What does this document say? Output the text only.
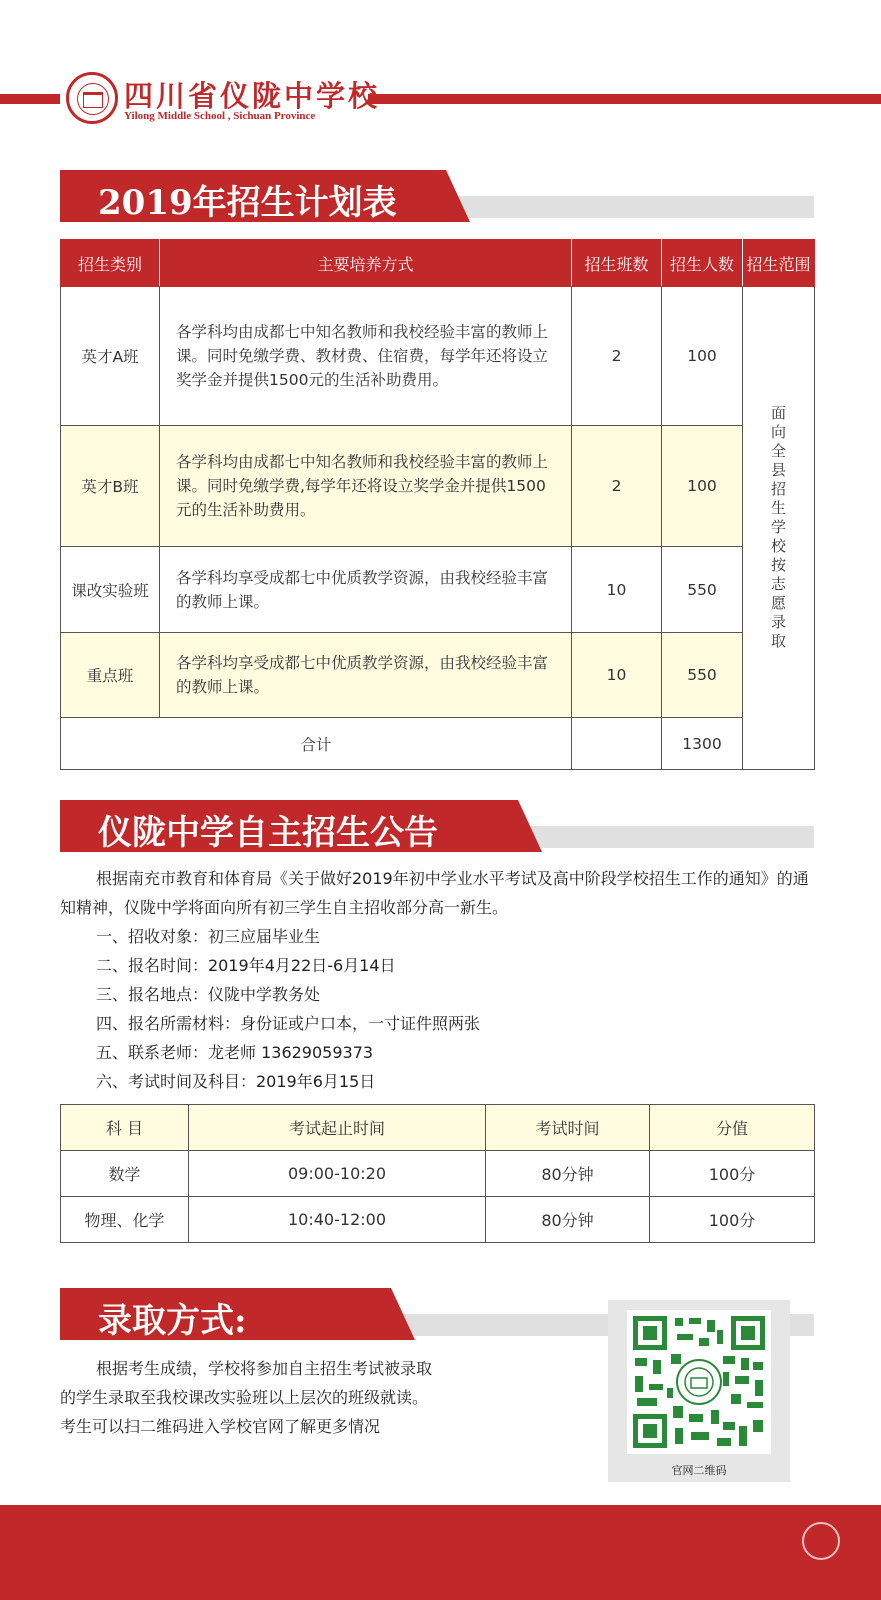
四川省仪陇中学校
Yilong Middle School , Sichuan Province
2019年招生计划表
招生类别	主要培养方式	招生班数	招生人数	招生范围
英才A班	各学科均由成都七中知名教师和我校经验丰富的教师上课。同时免缴学费、教材费、住宿费，每学年还将设立奖学金并提供1500元的生活补助费用。	2	100	面向全县招生学校按志愿录取
英才B班	各学科均由成都七中知名教师和我校经验丰富的教师上课。同时免缴学费,每学年还将设立奖学金并提供1500元的生活补助费用。	2	100	
课改实验班	各学科均享受成都七中优质教学资源，由我校经验丰富的教师上课。	10	550	
重点班	各学科均享受成都七中优质教学资源，由我校经验丰富的教师上课。	10	550	
合计			1300	
仪陇中学自主招生公告

根据南充市教育和体育局《关于做好2019年初中学业水平考试及高中阶段学校招生工作的通知》的通知精神，仪陇中学将面向所有初三学生自主招收部分高一新生。

一、招收对象：初三应届毕业生

二、报名时间：2019年4月22日-6月14日

三、报名地点：仪陇中学教务处

四、报名所需材料：身份证或户口本，一寸证件照两张

五、联系老师：龙老师 13629059373

六、考试时间及科目：2019年6月15日

科 目	考试起止时间	考试时间	分值
数学	09:00-10:20	80分钟	100分
物理、化学	10:40-12:00	80分钟	100分
录取方式:

根据考生成绩，学校将参加自主招生考试被录取

的学生录取至我校课改实验班以上层次的班级就读。

考生可以扫二维码进入学校官网了解更多情况

官网二维码
